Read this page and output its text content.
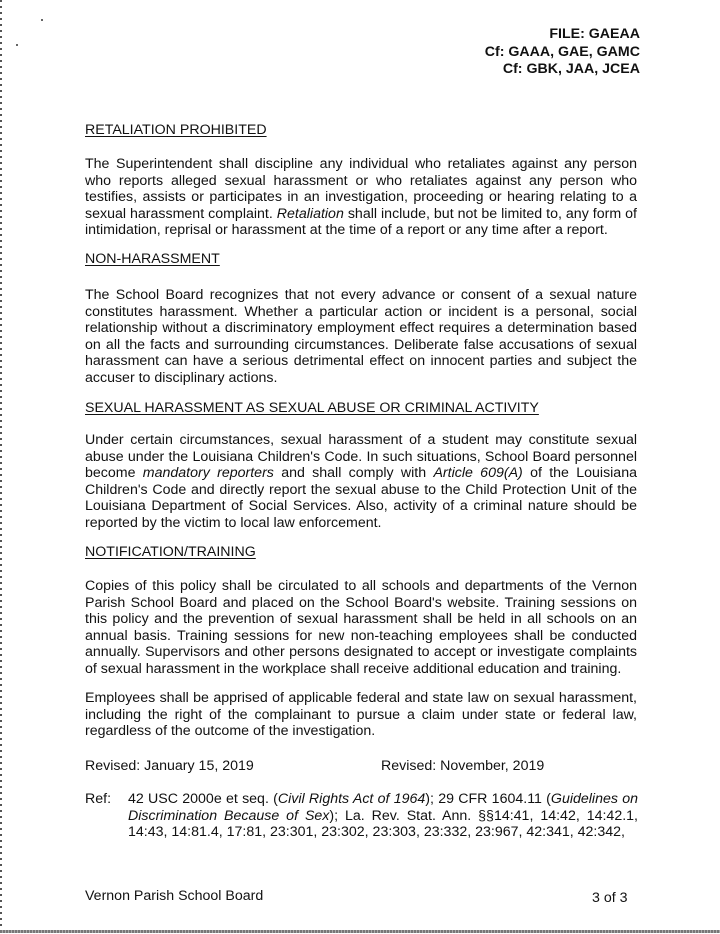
FILE: GAEAA
Cf: GAAA, GAE, GAMC
Cf: GBK, JAA, JCEA
RETALIATION PROHIBITED
The Superintendent shall discipline any individual who retaliates against any person who reports alleged sexual harassment or who retaliates against any person who testifies, assists or participates in an investigation, proceeding or hearing relating to a sexual harassment complaint. Retaliation shall include, but not be limited to, any form of intimidation, reprisal or harassment at the time of a report or any time after a report.
NON-HARASSMENT
The School Board recognizes that not every advance or consent of a sexual nature constitutes harassment. Whether a particular action or incident is a personal, social relationship without a discriminatory employment effect requires a determination based on all the facts and surrounding circumstances. Deliberate false accusations of sexual harassment can have a serious detrimental effect on innocent parties and subject the accuser to disciplinary actions.
SEXUAL HARASSMENT AS SEXUAL ABUSE OR CRIMINAL ACTIVITY
Under certain circumstances, sexual harassment of a student may constitute sexual abuse under the Louisiana Children's Code. In such situations, School Board personnel become mandatory reporters and shall comply with Article 609(A) of the Louisiana Children's Code and directly report the sexual abuse to the Child Protection Unit of the Louisiana Department of Social Services. Also, activity of a criminal nature should be reported by the victim to local law enforcement.
NOTIFICATION/TRAINING
Copies of this policy shall be circulated to all schools and departments of the Vernon Parish School Board and placed on the School Board's website. Training sessions on this policy and the prevention of sexual harassment shall be held in all schools on an annual basis. Training sessions for new non-teaching employees shall be conducted annually. Supervisors and other persons designated to accept or investigate complaints of sexual harassment in the workplace shall receive additional education and training.
Employees shall be apprised of applicable federal and state law on sexual harassment, including the right of the complainant to pursue a claim under state or federal law, regardless of the outcome of the investigation.
Revised: January 15, 2019	Revised: November, 2019
Ref: 42 USC 2000e et seq. (Civil Rights Act of 1964); 29 CFR 1604.11 (Guidelines on Discrimination Because of Sex); La. Rev. Stat. Ann. §§14:41, 14:42, 14:42.1, 14:43, 14:81.4, 17:81, 23:301, 23:302, 23:303, 23:332, 23:967, 42:341, 42:342,
Vernon Parish School Board	3 of 3
